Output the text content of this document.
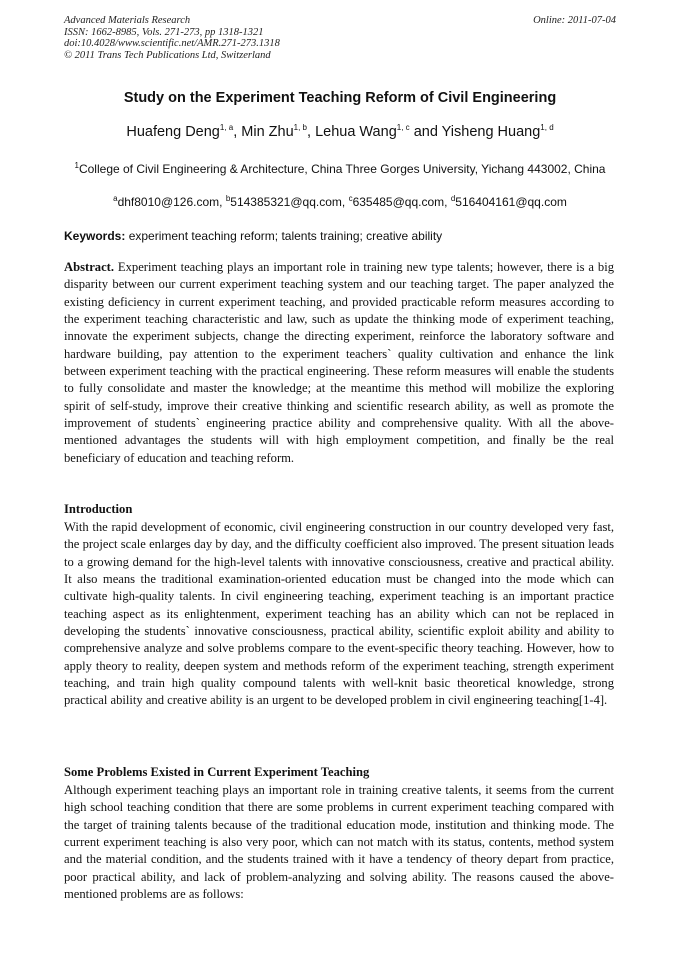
Advanced Materials Research	Online: 2011-07-04
ISSN: 1662-8985, Vols. 271-273, pp 1318-1321
doi:10.4028/www.scientific.net/AMR.271-273.1318
© 2011 Trans Tech Publications Ltd, Switzerland
Study on the Experiment Teaching Reform of Civil Engineering
Huafeng Deng$^{1, a}$, Min Zhu$^{1, b}$, Lehua Wang$^{1, c}$ and Yisheng Huang$^{1, d}$
$^1$College of Civil Engineering & Architecture, China Three Gorges University, Yichang 443002, China
$^a$dhf8010@126.com, $^b$514385321@qq.com, $^c$635485@qq.com, $^d$516404161@qq.com
Keywords: experiment teaching reform; talents training; creative ability
Abstract. Experiment teaching plays an important role in training new type talents; however, there is a big disparity between our current experiment teaching system and our teaching target. The paper analyzed the existing deficiency in current experiment teaching, and provided practicable reform measures according to the experiment teaching characteristic and law, such as update the thinking mode of experiment teaching, innovate the experiment subjects, change the directing experiment, reinforce the laboratory software and hardware building, pay attention to the experiment teachers` quality cultivation and enhance the link between experiment teaching with the practical engineering. These reform measures will enable the students to fully consolidate and master the knowledge; at the meantime this method will mobilize the exploring spirit of self-study, improve their creative thinking and scientific research ability, as well as promote the improvement of students` engineering practice ability and comprehensive quality. With all the above-mentioned advantages the students will with high employment competition, and finally be the real beneficiary of education and teaching reform.
Introduction
With the rapid development of economic, civil engineering construction in our country developed very fast, the project scale enlarges day by day, and the difficulty coefficient also improved. The present situation leads to a growing demand for the high-level talents with innovative consciousness, creative and practical ability. It also means the traditional examination-oriented education must be changed into the mode which can cultivate high-quality talents. In civil engineering teaching, experiment teaching is an important practice teaching aspect as its enlightenment, experiment teaching has an ability which can not be replaced in developing the students` innovative consciousness, practical ability, scientific exploit ability and ability to comprehensive analyze and solve problems compare to the event-specific theory teaching. However, how to apply theory to reality, deepen system and methods reform of the experiment teaching, strength experiment teaching, and train high quality compound talents with well-knit basic theoretical knowledge, strong practical ability and creative ability is an urgent to be developed problem in civil engineering teaching[1-4].
Some Problems Existed in Current Experiment Teaching
Although experiment teaching plays an important role in training creative talents, it seems from the current high school teaching condition that there are some problems in current experiment teaching compared with the target of training talents because of the traditional education mode, institution and thinking mode. The current experiment teaching is also very poor, which can not match with its status, contents, method system and the material condition, and the students trained with it have a tendency of theory depart from practice, poor practical ability, and lack of problem-analyzing and solving ability. The reasons caused the above-mentioned problems are as follows:
